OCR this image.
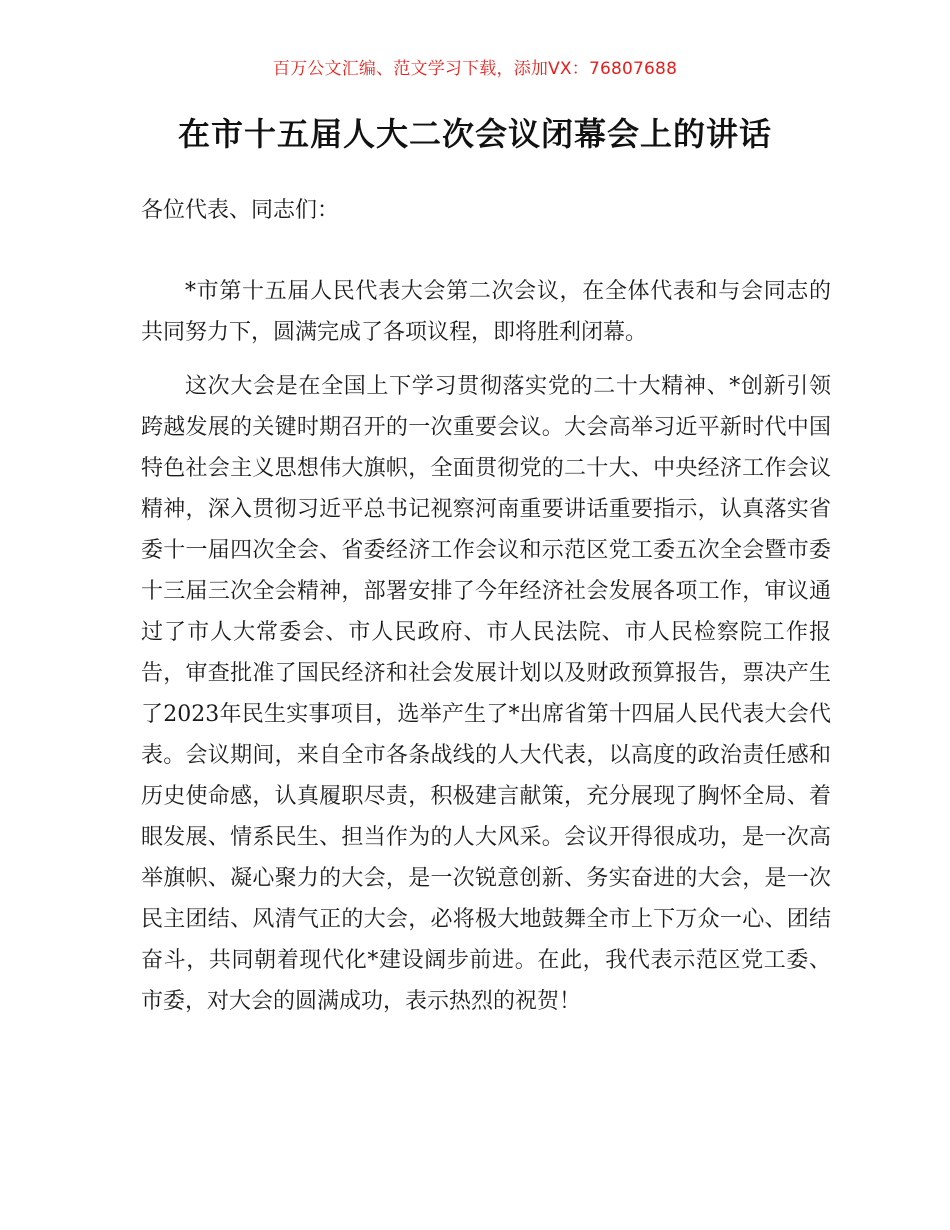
百万公文汇编、范文学习下载，添加VX：76807688
在市十五届人大二次会议闭幕会上的讲话
各位代表、同志们：

*市第十五届人民代表大会第二次会议，在全体代表和与会同志的共同努力下，圆满完成了各项议程，即将胜利闭幕。

这次大会是在全国上下学习贯彻落实党的二十大精神、*创新引领跨越发展的关键时期召开的一次重要会议。大会高举习近平新时代中国特色社会主义思想伟大旗帜，全面贯彻党的二十大、中央经济工作会议精神，深入贯彻习近平总书记视察河南重要讲话重要指示，认真落实省委十一届四次全会、省委经济工作会议和示范区党工委五次全会暨市委十三届三次全会精神，部署安排了今年经济社会发展各项工作，审议通过了市人大常委会、市人民政府、市人民法院、市人民检察院工作报告，审查批准了国民经济和社会发展计划以及财政预算报告，票决产生了2023年民生实事项目，选举产生了*出席省第十四届人民代表大会代表。会议期间，来自全市各条战线的人大代表，以高度的政治责任感和历史使命感，认真履职尽责，积极建言献策，充分展现了胸怀全局、着眼发展、情系民生、担当作为的人大风采。会议开得很成功，是一次高举旗帜、凝心聚力的大会，是一次锐意创新、务实奋进的大会，是一次民主团结、风清气正的大会，必将极大地鼓舞全市上下万众一心、团结奋斗，共同朝着现代化*建设阔步前进。在此，我代表示范区党工委、市委，对大会的圆满成功，表示热烈的祝贺！
